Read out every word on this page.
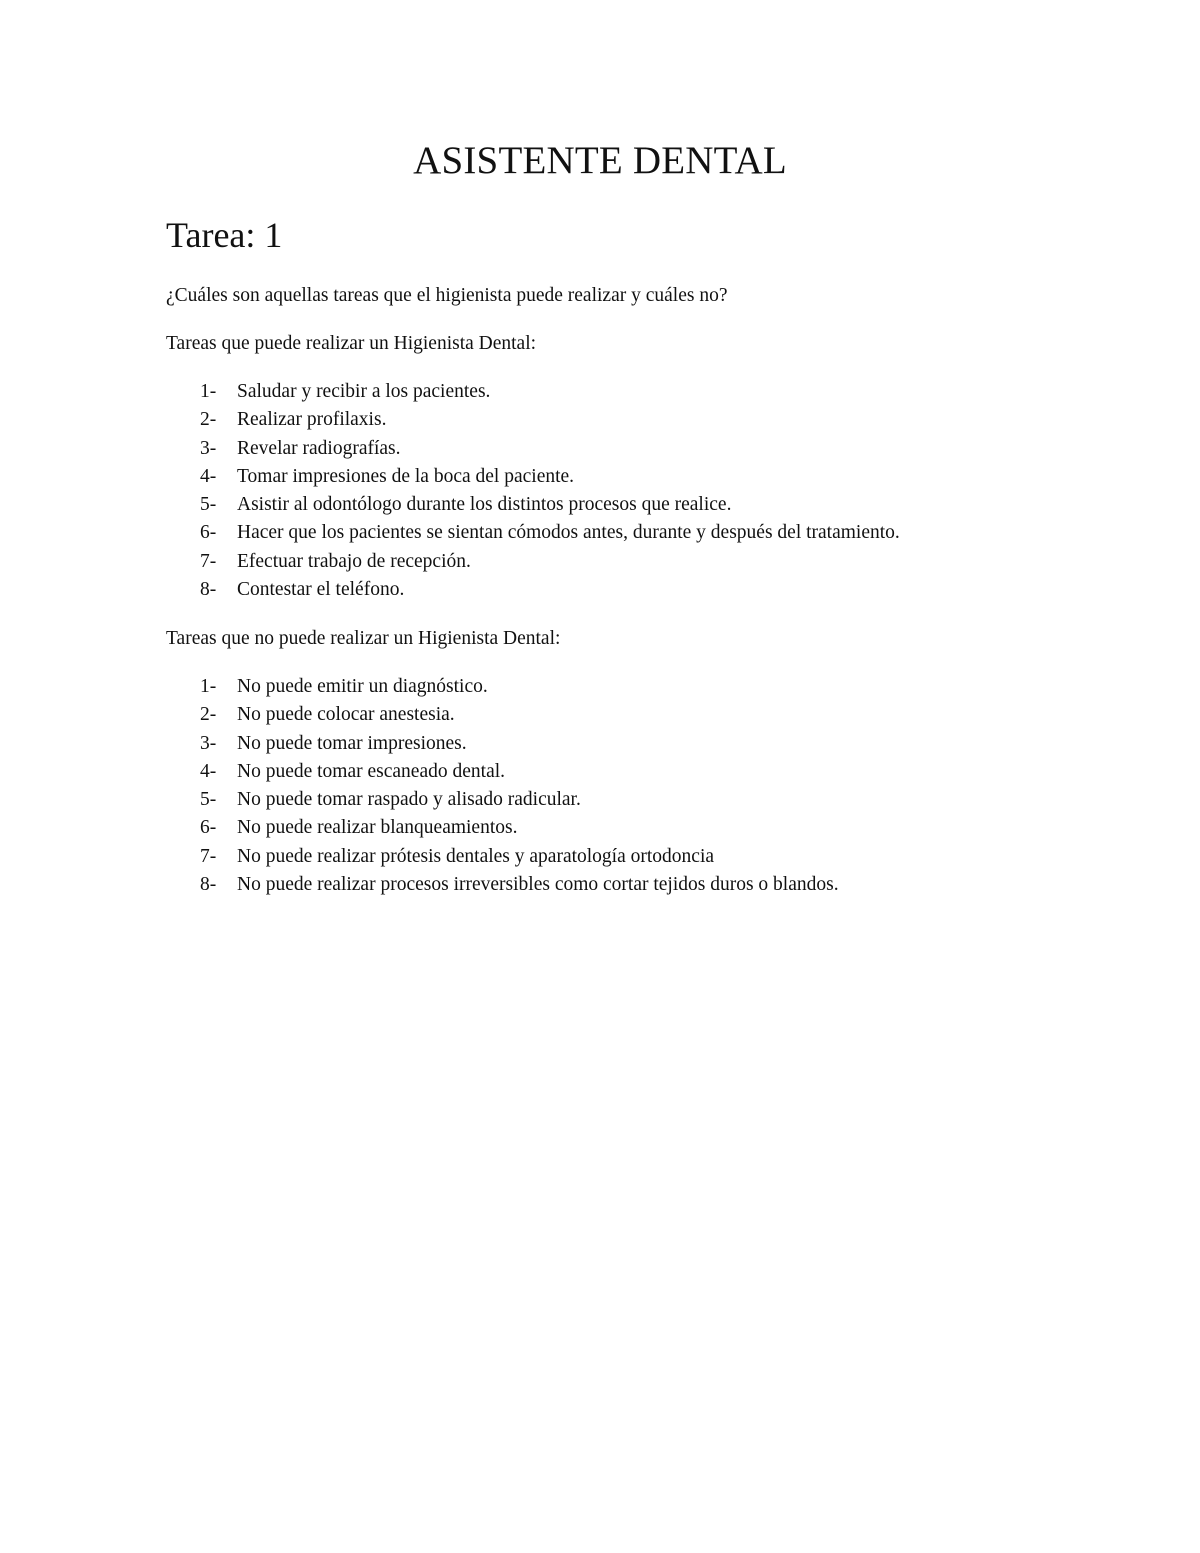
ASISTENTE DENTAL
Tarea: 1
¿Cuáles son aquellas tareas que el higienista puede realizar y cuáles no?
Tareas que puede realizar un Higienista Dental:
1-	Saludar y recibir a los pacientes.
2-	Realizar profilaxis.
3-	Revelar radiografías.
4-	Tomar impresiones de la boca del paciente.
5-	Asistir al odontólogo durante los distintos procesos que realice.
6-	Hacer que los pacientes se sientan cómodos antes, durante y después del tratamiento.
7-	Efectuar trabajo de recepción.
8-	Contestar el teléfono.
Tareas que no puede realizar un Higienista Dental:
1-	No puede emitir un diagnóstico.
2-	No puede colocar anestesia.
3-	No puede tomar impresiones.
4-	No puede tomar escaneado dental.
5-	No puede tomar raspado y alisado radicular.
6-	No puede realizar blanqueamientos.
7-	No puede realizar prótesis dentales y aparatología ortodoncia
8-	No puede realizar procesos irreversibles como cortar tejidos duros o blandos.
